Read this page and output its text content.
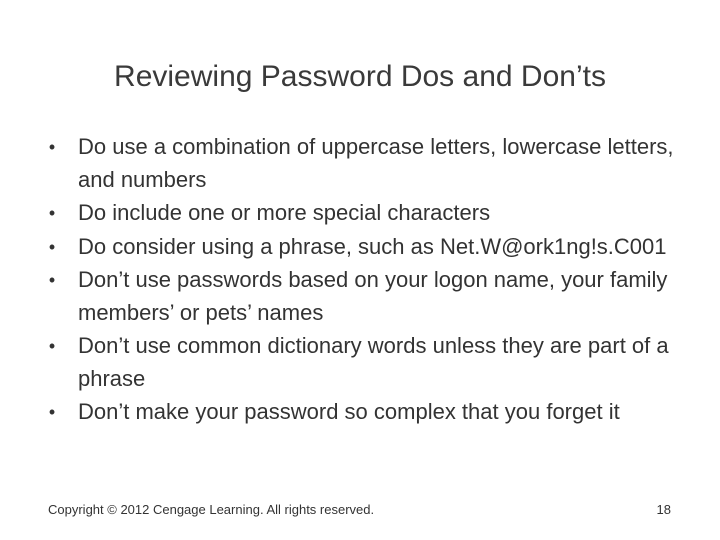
Reviewing Password Dos and Don’ts
• Do use a combination of uppercase letters, lowercase letters, and numbers
• Do include one or more special characters
• Do consider using a phrase, such as Net.W@ork1ng!s.C001
• Don’t use passwords based on your logon name, your family members’ or pets’ names
• Don’t use common dictionary words unless they are part of a phrase
• Don’t make your password so complex that you forget it
Copyright © 2012 Cengage Learning. All rights reserved.	18
